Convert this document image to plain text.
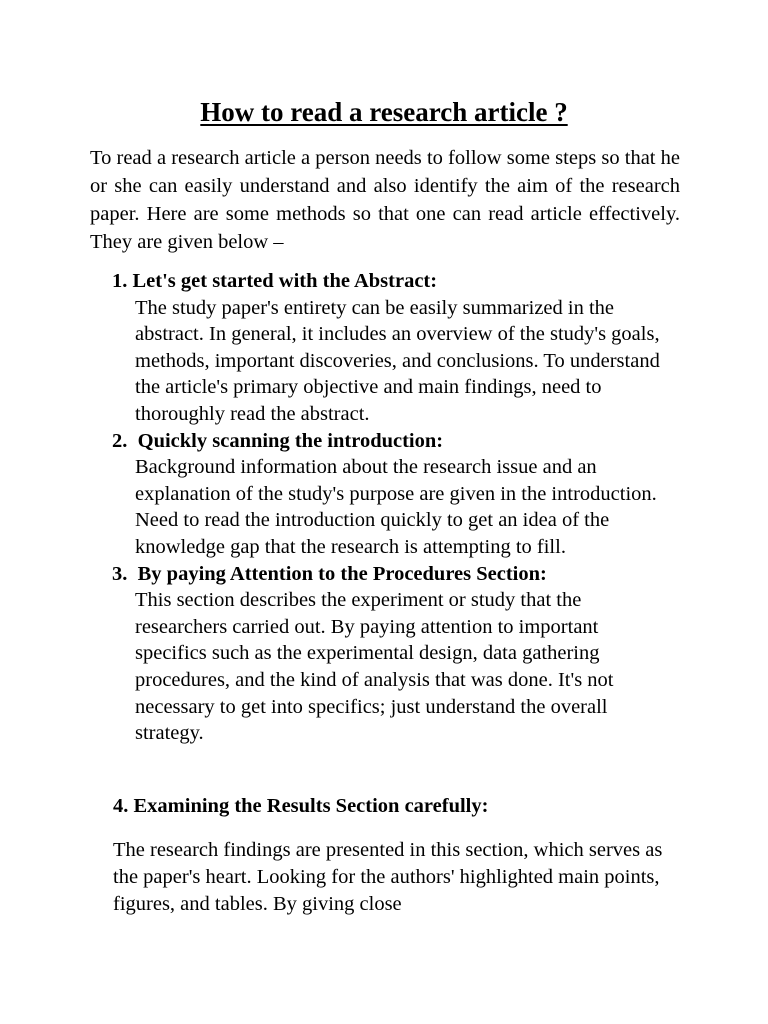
How to read a research article ?

To read a research article a person needs to follow some steps so that he or she can easily understand and also identify the aim of the research paper. Here are some methods so that one can read article effectively. They are given below –

1. Let's get started with the Abstract:
The study paper's entirety can be easily summarized in the abstract. In general, it includes an overview of the study's goals, methods, important discoveries, and conclusions. To understand the article's primary objective and main findings, need to thoroughly read the abstract.
2.  Quickly scanning the introduction:
Background information about the research issue and an explanation of the study's purpose are given in the introduction.
Need to read the introduction quickly to get an idea of the knowledge gap that the research is attempting to fill.
3.  By paying Attention to the Procedures Section:
This section describes the experiment or study that the researchers carried out. By paying attention to important specifics such as the experimental design, data gathering procedures, and the kind of analysis that was done. It's not necessary to get into specifics; just understand the overall strategy.

4. Examining the Results Section carefully:

The research findings are presented in this section, which serves as the paper's heart. Looking for the authors' highlighted main points, figures, and tables. By giving close
